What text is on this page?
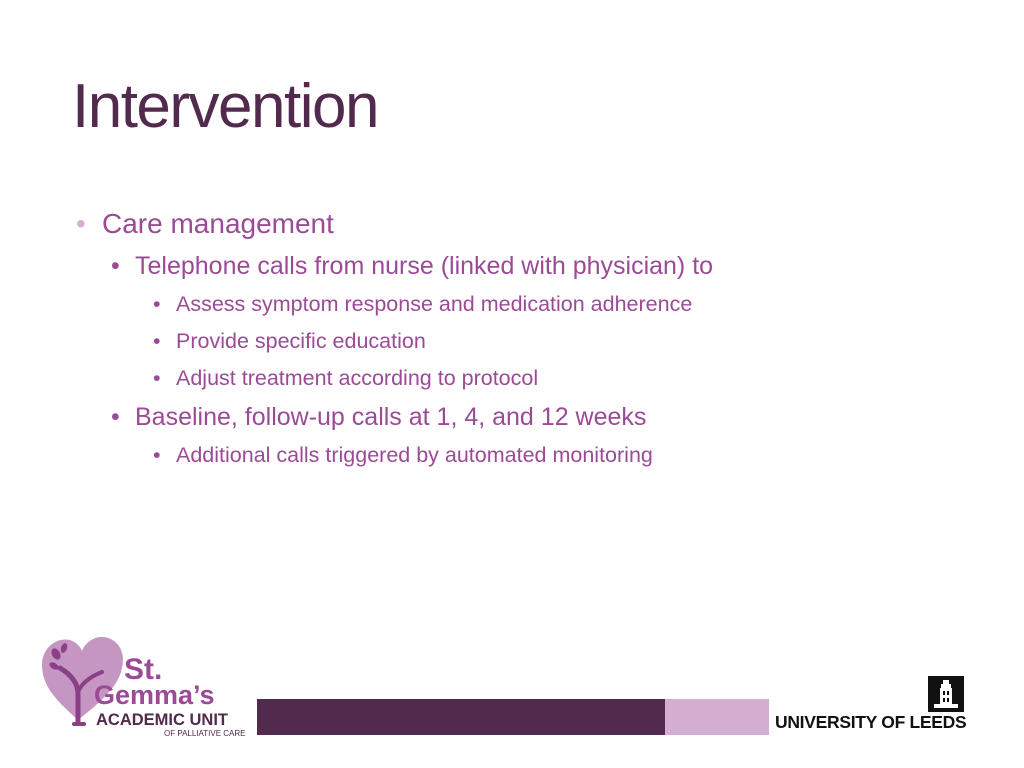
Intervention
• Care management
• Telephone calls from nurse (linked with physician) to
• Assess symptom response and medication adherence
• Provide specific education
• Adjust treatment according to protocol
• Baseline, follow-up calls at 1, 4, and 12 weeks
• Additional calls triggered by automated monitoring
St.
Gemma’s
ACADEMIC UNIT
OF PALLIATIVE CARE
UNIVERSITY OF LEEDS
